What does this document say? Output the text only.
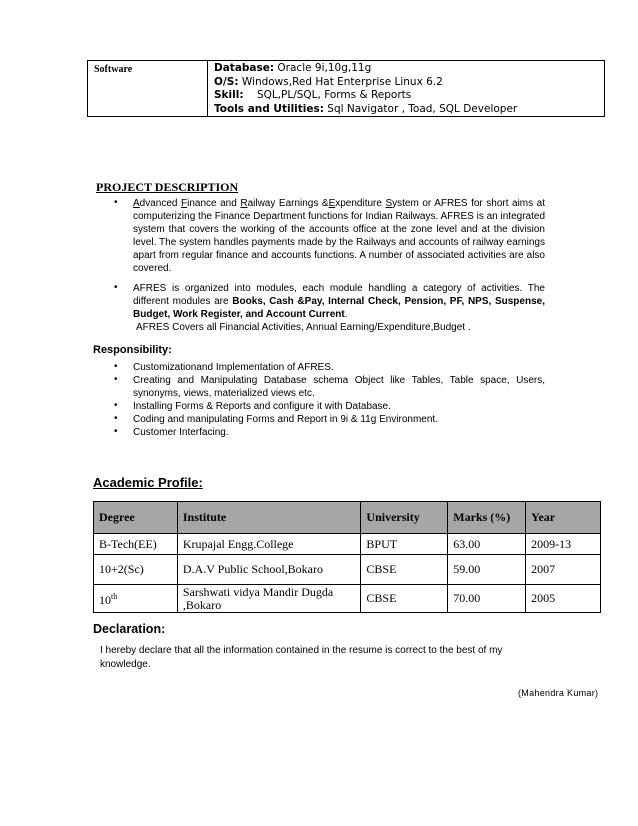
Software	Database: Oracle 9i,10g,11g
O/S: Windows,Red Hat Enterprise Linux 6.2
Skill:    SQL,PL/SQL, Forms & Reports
Tools and Utilities: Sql Navigator , Toad, SQL Developer
PROJECT DESCRIPTION
• Advanced Finance and Railway Earnings &Expenditure System or AFRES for short aims at computerizing the Finance Department functions for Indian Railways. AFRES is an integrated system that covers the working of the accounts office at the zone level and at the division level. The system handles payments made by the Railways and accounts of railway earnings apart from regular finance and accounts functions. A number of associated activities are also covered.
• AFRES is organized into modules, each module handling a category of activities. The different modules are Books, Cash &Pay, Internal Check, Pension, PF, NPS, Suspense, Budget, Work Register, and Account Current.
AFRES Covers all Financial Activities, Annual Earning/Expenditure,Budget .
Responsibility:
• Customizationand Implementation of AFRES.
• Creating and Manipulating Database schema Object like Tables, Table space, Users, synonyms, views, materialized views etc.
• Installing Forms & Reports and configure it with Database.
• Coding and manipulating Forms and Report in 9i & 11g Environment.
• Customer Interfacing.
Academic Profile:
Degree	Institute	University	Marks (%)	Year
B-Tech(EE)	Krupajal Engg.College	BPUT	63.00	2009-13
10+2(Sc)	D.A.V Public School,Bokaro	CBSE	59.00	2007
10th	Sarshwati vidya Mandir Dugda ,Bokaro	CBSE	70.00	2005
Declaration:
I hereby declare that all the information contained in the resume is correct to the best of my knowledge.
(Mahendra Kumar)
